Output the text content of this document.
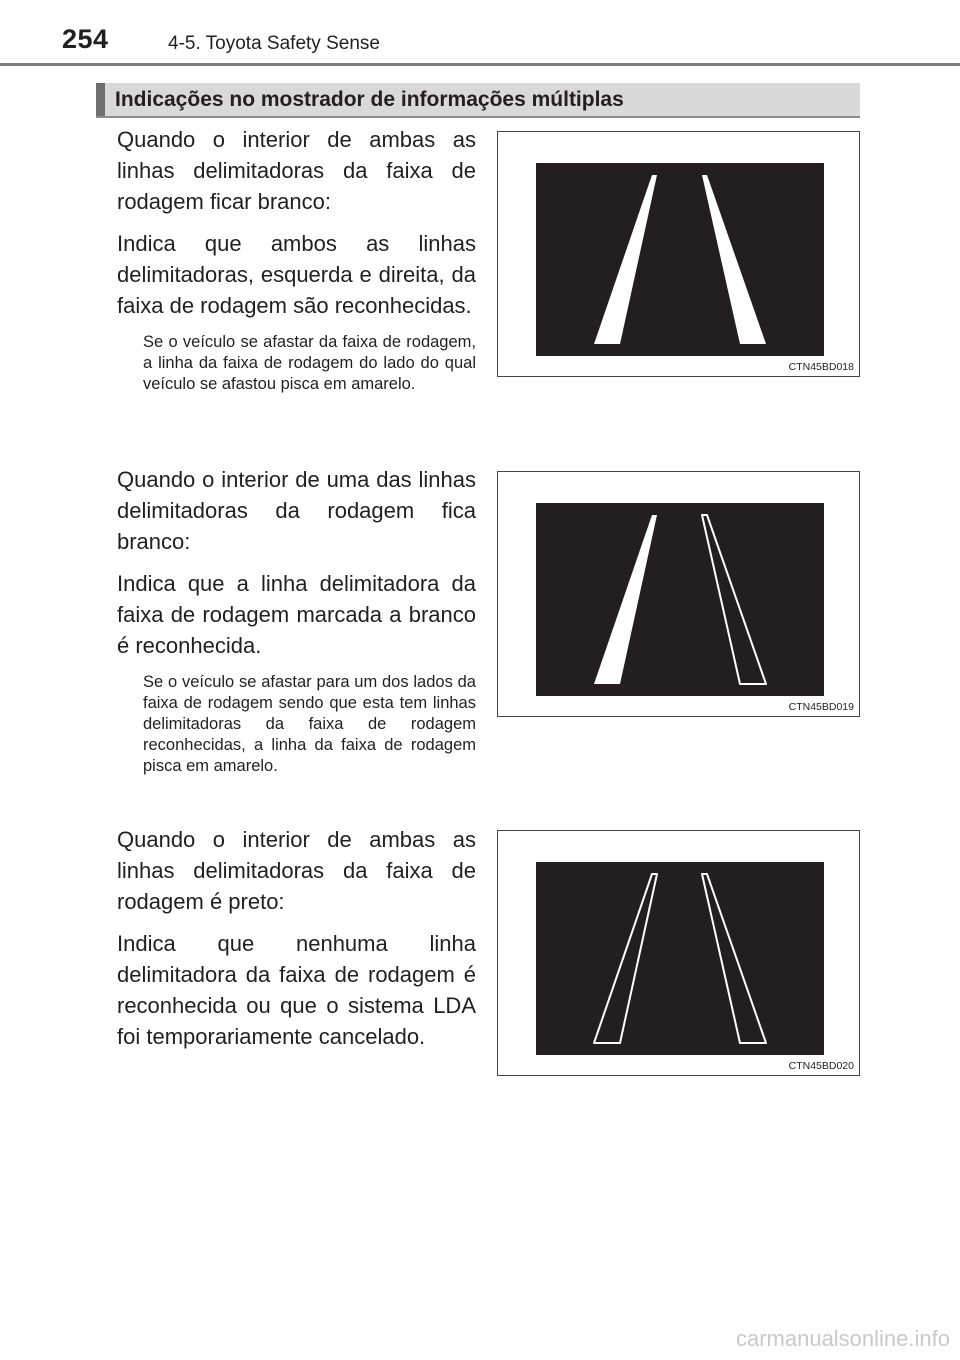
254	4-5. Toyota Safety Sense
Indicações no mostrador de informações múltiplas

Quando o interior de ambas as linhas delimitadoras da faixa de rodagem ficar branco:

Indica que ambos as linhas delimitadoras, esquerda e direita, da faixa de rodagem são reconhecidas.

Se o veículo se afastar da faixa de rodagem, a linha da faixa de rodagem do lado do qual veículo se afastou pisca em amarelo.

CTN45BD018

Quando o interior de uma das linhas delimitadoras da rodagem fica branco:

Indica que a linha delimitadora da faixa de rodagem marcada a branco é reconhecida.

Se o veículo se afastar para um dos lados da faixa de rodagem sendo que esta tem linhas delimitadoras da faixa de rodagem reconhecidas, a linha da faixa de rodagem pisca em amarelo.

CTN45BD019

Quando o interior de ambas as linhas delimitadoras da faixa de rodagem é preto:

Indica que nenhuma linha delimitadora da faixa de rodagem é reconhecida ou que o sistema LDA foi temporariamente cancelado.

CTN45BD020
carmanualsonline.info
